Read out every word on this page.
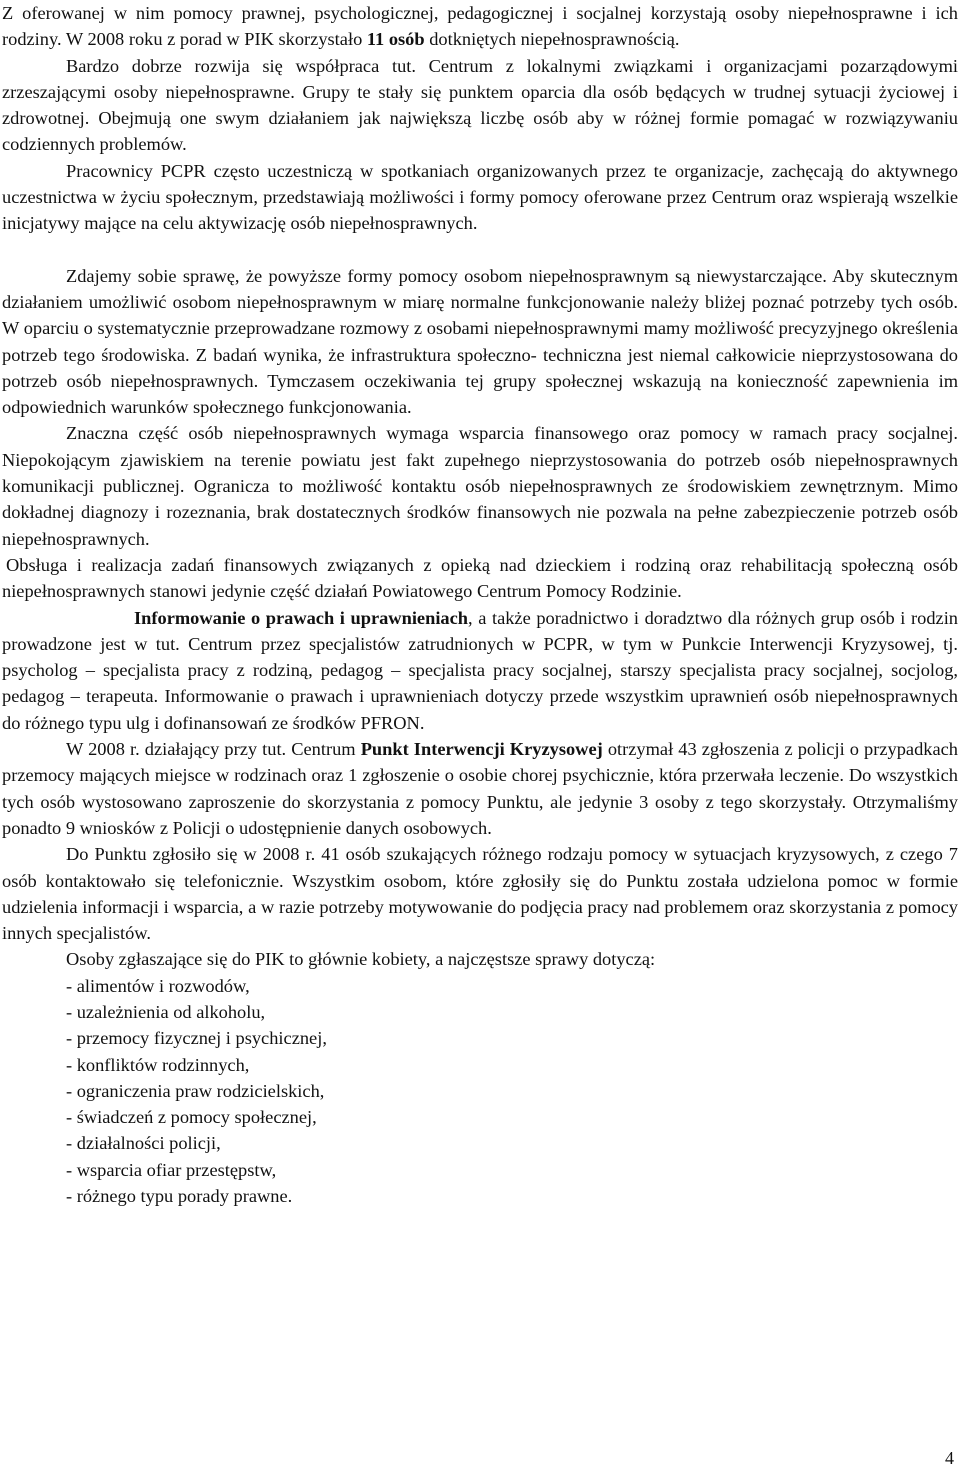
Z oferowanej w nim pomocy prawnej, psychologicznej, pedagogicznej i socjalnej korzystają osoby niepełnosprawne i ich rodziny. W 2008 roku z porad w PIK skorzystało 11 osób dotkniętych niepełnosprawnością.

Bardzo dobrze rozwija się współpraca tut. Centrum z lokalnymi związkami i organizacjami pozarządowymi zrzeszającymi osoby niepełnosprawne. Grupy te stały się punktem oparcia dla osób będących w trudnej sytuacji życiowej i zdrowotnej. Obejmują one swym działaniem jak największą liczbę osób aby w różnej formie pomagać w rozwiązywaniu codziennych problemów.

Pracownicy PCPR często uczestniczą w spotkaniach organizowanych przez te organizacje, zachęcają do aktywnego uczestnictwa w życiu społecznym, przedstawiają możliwości i formy pomocy oferowane przez Centrum oraz wspierają wszelkie inicjatywy mające na celu aktywizację osób niepełnosprawnych.

Zdajemy sobie sprawę, że powyższe formy pomocy osobom niepełnosprawnym są niewystarczające. Aby skutecznym działaniem umożliwić osobom niepełnosprawnym w miarę normalne funkcjonowanie należy bliżej poznać potrzeby tych osób. W oparciu o systematycznie przeprowadzane rozmowy z osobami niepełnosprawnymi mamy możliwość precyzyjnego określenia potrzeb tego środowiska. Z badań wynika, że infrastruktura społeczno- techniczna jest niemal całkowicie nieprzystosowana do potrzeb osób niepełnosprawnych. Tymczasem oczekiwania tej grupy społecznej wskazują na konieczność zapewnienia im odpowiednich warunków społecznego funkcjonowania.

Znaczna część osób niepełnosprawnych wymaga wsparcia finansowego oraz pomocy w ramach pracy socjalnej. Niepokojącym zjawiskiem na terenie powiatu jest fakt zupełnego nieprzystosowania do potrzeb osób niepełnosprawnych komunikacji publicznej. Ogranicza to możliwość kontaktu osób niepełnosprawnych ze środowiskiem zewnętrznym. Mimo dokładnej diagnozy i rozeznania, brak dostatecznych środków finansowych nie pozwala na pełne zabezpieczenie potrzeb osób niepełnosprawnych.

Obsługa i realizacja zadań finansowych związanych z opieką nad dzieckiem i rodziną oraz rehabilitacją społeczną osób niepełnosprawnych stanowi jedynie część działań Powiatowego Centrum Pomocy Rodzinie.

Informowanie o prawach i uprawnieniach, a także poradnictwo i doradztwo dla różnych grup osób i rodzin prowadzone jest w tut. Centrum przez specjalistów zatrudnionych w PCPR, w tym w Punkcie Interwencji Kryzysowej, tj. psycholog – specjalista pracy z rodziną, pedagog – specjalista pracy socjalnej, starszy specjalista pracy socjalnej, socjolog, pedagog – terapeuta. Informowanie o prawach i uprawnieniach dotyczy przede wszystkim uprawnień osób niepełnosprawnych do różnego typu ulg i dofinansowań ze środków PFRON.

W 2008 r. działający przy tut. Centrum Punkt Interwencji Kryzysowej otrzymał 43 zgłoszenia z policji o przypadkach przemocy mających miejsce w rodzinach oraz 1 zgłoszenie o osobie chorej psychicznie, która przerwała leczenie. Do wszystkich tych osób wystosowano zaproszenie do skorzystania z pomocy Punktu, ale jedynie 3 osoby z tego skorzystały. Otrzymaliśmy ponadto 9 wniosków z Policji o udostępnienie danych osobowych.

Do Punktu zgłosiło się w 2008 r. 41 osób szukających różnego rodzaju pomocy w sytuacjach kryzysowych, z czego 7 osób kontaktowało się telefonicznie. Wszystkim osobom, które zgłosiły się do Punktu została udzielona pomoc w formie udzielenia informacji i wsparcia, a w razie potrzeby motywowanie do podjęcia pracy nad problemem oraz skorzystania z pomocy innych specjalistów.

Osoby zgłaszające się do PIK to głównie kobiety, a najczęstsze sprawy dotyczą:

- alimentów i rozwodów,
- uzależnienia od alkoholu,
- przemocy fizycznej i psychicznej,
- konfliktów rodzinnych,
- ograniczenia praw rodzicielskich,
- świadczeń z pomocy społecznej,
- działalności policji,
- wsparcia ofiar przestępstw,
- różnego typu porady prawne.
4
